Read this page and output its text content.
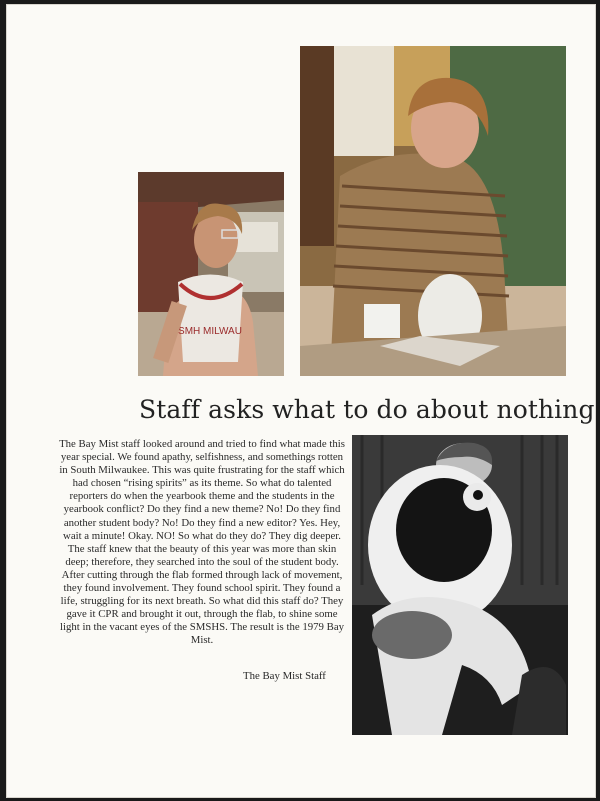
SMH MILWAU
Staff asks what to do about nothing
The Bay Mist staff looked around and tried to find what made this year special. We found apathy, selfishness, and somethings rotten in South Milwaukee. This was quite frustrating for the staff which had chosen “rising spirits” as its theme. So what do talented reporters do when the yearbook theme and the students in the yearbook conflict? Do they find a new theme? No! Do they find another student body? No! Do they find a new editor? Yes. Hey, wait a minute! Okay. NO! So what do they do? They dig deeper. The staff knew that the beauty of this year was more than skin deep; therefore, they searched into the soul of the student body. After cutting through the flab formed through lack of movement, they found involvement. They found school spirit. They found a life, struggling for its next breath. So what did this staff do? They gave it CPR and brought it out, through the flab, to shine some light in the vacant eyes of the SMSHS. The result is the 1979 Bay Mist.
The Bay Mist Staff
